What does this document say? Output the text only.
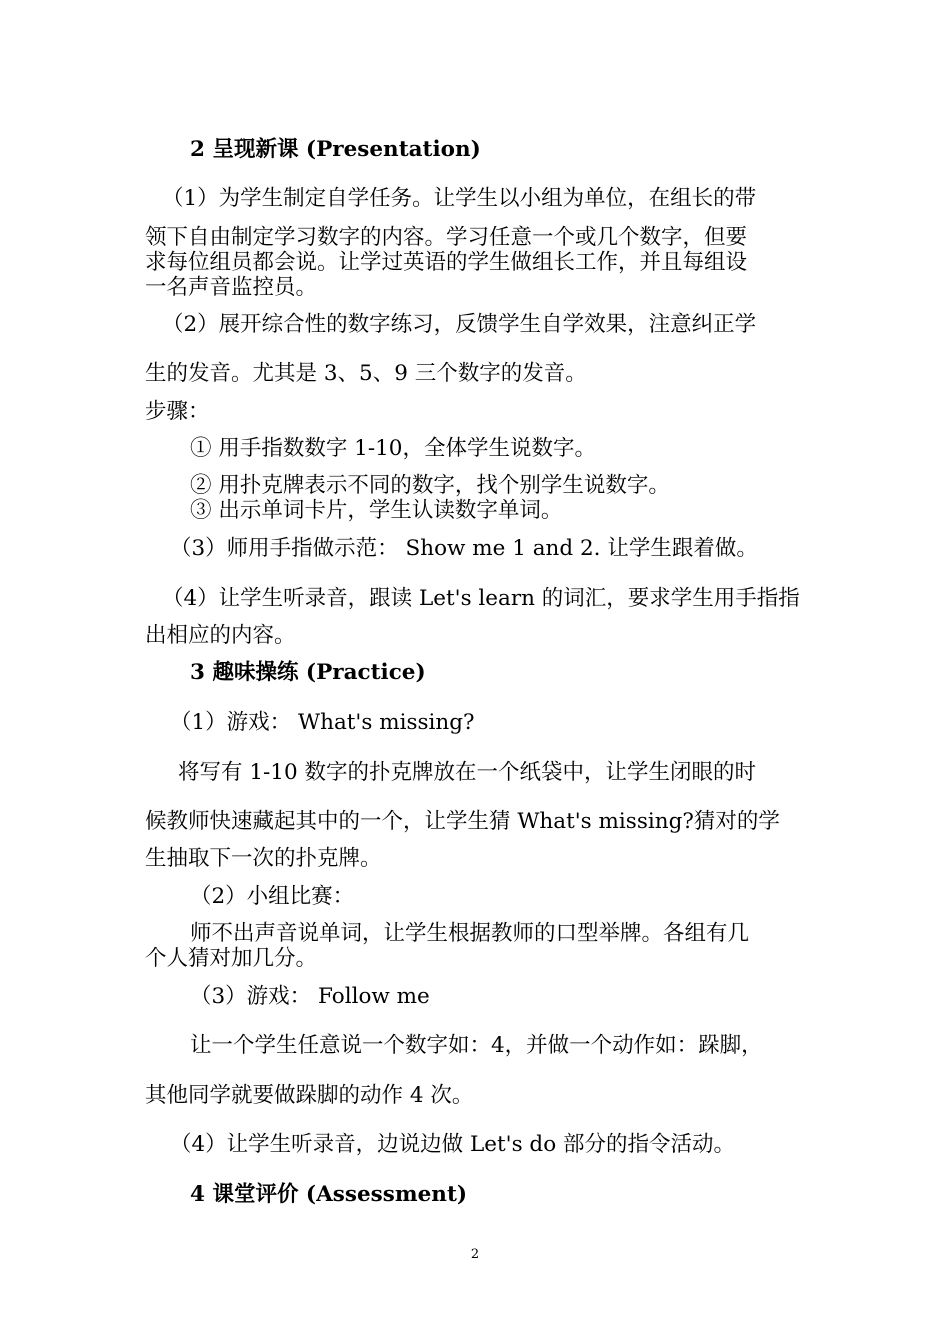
2 呈现新课 (Presentation)
（1）为学生制定自学任务。让学生以小组为单位，在组长的带
领下自由制定学习数字的内容。学习任意一个或几个数字，但要
求每位组员都会说。让学过英语的学生做组长工作，并且每组设
一名声音监控员。
（2）展开综合性的数字练习，反馈学生自学效果，注意纠正学
生的发音。尤其是 3、5、9 三个数字的发音。
步骤：
① 用手指数数字 1-10，全体学生说数字。
② 用扑克牌表示不同的数字，找个别学生说数字。
③ 出示单词卡片，学生认读数字单词。
（3）师用手指做示范： Show me 1 and 2. 让学生跟着做。
（4）让学生听录音，跟读 Let's learn 的词汇，要求学生用手指指
出相应的内容。
3 趣味操练 (Practice)
（1）游戏： What's missing?
将写有 1-10 数字的扑克牌放在一个纸袋中，让学生闭眼的时
候教师快速藏起其中的一个，让学生猜 What's missing?猜对的学
生抽取下一次的扑克牌。
（2）小组比赛：
师不出声音说单词，让学生根据教师的口型举牌。各组有几
个人猜对加几分。
（3）游戏： Follow me
让一个学生任意说一个数字如：4，并做一个动作如：跺脚，
其他同学就要做跺脚的动作 4 次。
（4）让学生听录音，边说边做 Let's do 部分的指令活动。
4 课堂评价 (Assessment)
2
